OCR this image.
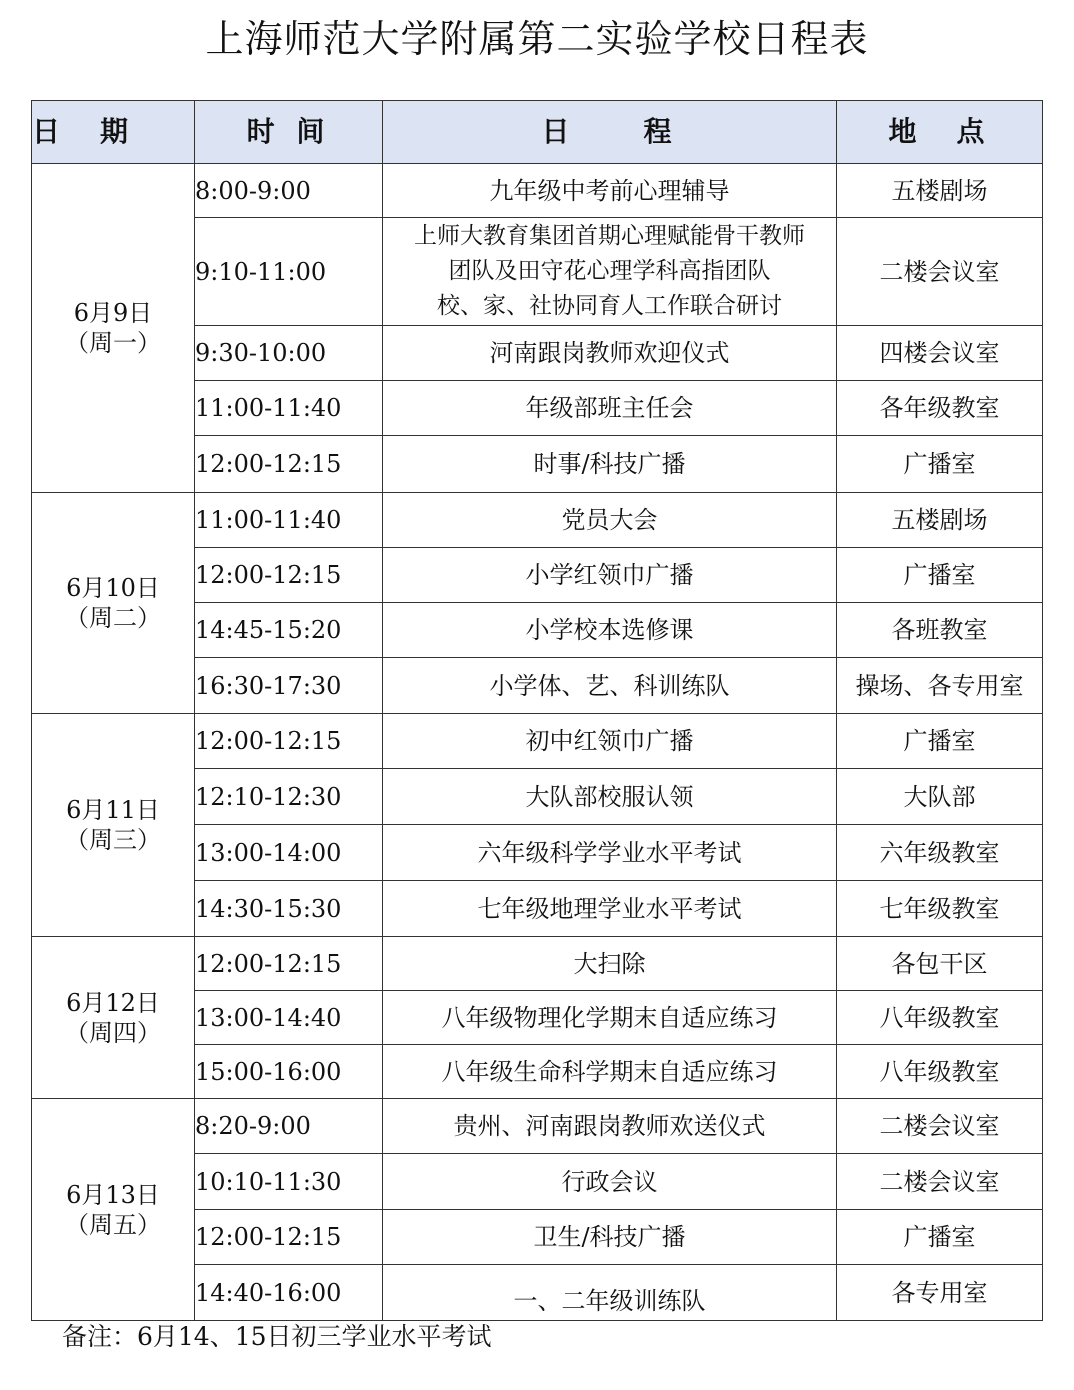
上海师范大学附属第二实验学校日程表
日　期	时 间	日　　程	地　点

6月9日
（周一）	8:00-9:00	九年级中考前心理辅导	五楼剧场
	9:10-11:00	上师大教育集团首期心理赋能骨干教师
团队及田守花心理学科高指团队
校、家、社协同育人工作联合研讨	二楼会议室
	9:30-10:00	河南跟岗教师欢迎仪式	四楼会议室
	11:00-11:40	年级部班主任会	各年级教室
	12:00-12:15	时事/科技广播	广播室

6月10日
（周二）	11:00-11:40	党员大会	五楼剧场
	12:00-12:15	小学红领巾广播	广播室
	14:45-15:20	小学校本选修课	各班教室
	16:30-17:30	小学体、艺、科训练队	操场、各专用室

6月11日
（周三）	12:00-12:15	初中红领巾广播	广播室
	12:10-12:30	大队部校服认领	大队部
	13:00-14:00	六年级科学学业水平考试	六年级教室
	14:30-15:30	七年级地理学业水平考试	七年级教室

6月12日
（周四）	12:00-12:15	大扫除	各包干区
	13:00-14:40	八年级物理化学期末自适应练习	八年级教室
	15:00-16:00	八年级生命科学期末自适应练习	八年级教室

6月13日
（周五）	8:20-9:00	贵州、河南跟岗教师欢送仪式	二楼会议室
	10:10-11:30	行政会议	二楼会议室
	12:00-12:15	卫生/科技广播	广播室
	14:40-16:00	一、二年级训练队	各专用室
备注：6月14、15日初三学业水平考试
